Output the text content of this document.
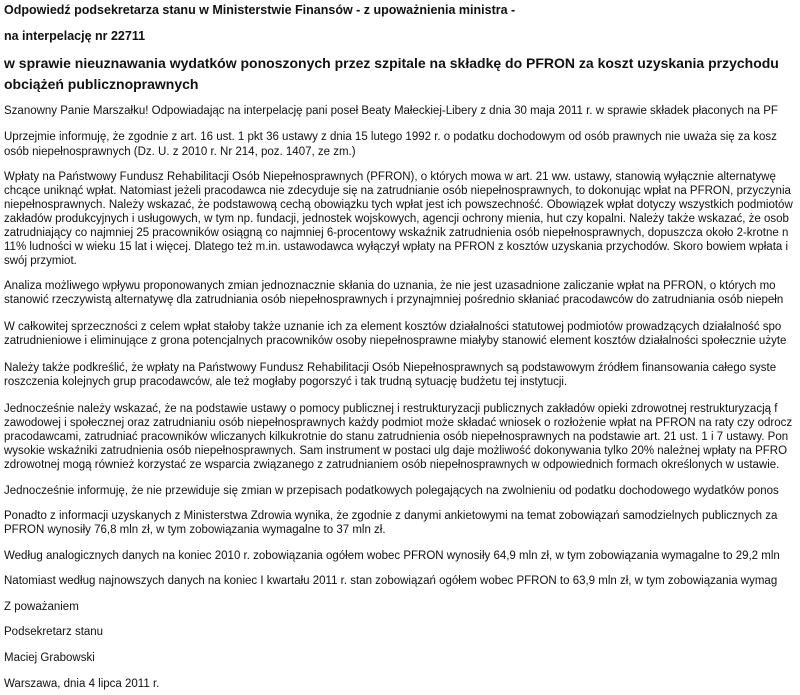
Odpowiedź podsekretarza stanu w Ministerstwie Finansów - z upoważnienia ministra -
na interpelację nr 22711
w sprawie nieuznawania wydatków ponoszonych przez szpitale na składkę do PFRON za koszt uzyskania przychodu
obciążeń publicznoprawnych
Szanowny Panie Marszałku! Odpowiadając na interpelację pani poseł Beaty Małeckiej-Libery z dnia 30 maja 2011 r. w sprawie składek płaconych na PF
Uprzejmie informuję, że zgodnie z art. 16 ust. 1 pkt 36 ustawy z dnia 15 lutego 1992 r. o podatku dochodowym od osób prawnych nie uważa się za kosz
osób niepełnosprawnych (Dz. U. z 2010 r. Nr 214, poz. 1407, ze zm.)
Wpłaty na Państwowy Fundusz Rehabilitacji Osób Niepełnosprawnych (PFRON), o których mowa w art. 21 ww. ustawy, stanowią wyłącznie alternatywę
chcące uniknąć wpłat. Natomiast jeżeli pracodawca nie zdecyduje się na zatrudnianie osób niepełnosprawnych, to dokonując wpłat na PFRON, przyczynia
niepełnosprawnych. Należy wskazać, że podstawową cechą obowiązku tych wpłat jest ich powszechność. Obowiązek wpłat dotyczy wszystkich podmiotów
zakładów produkcyjnych i usługowych, w tym np. fundacji, jednostek wojskowych, agencji ochrony mienia, hut czy kopalni. Należy także wskazać, że osob
zatrudniający co najmniej 25 pracowników osiągną co najmniej 6-procentowy wskaźnik zatrudnienia osób niepełnosprawnych, dopuszcza około 2-krotne n
11% ludności w wieku 15 lat i więcej. Dlatego też m.in. ustawodawca wyłączył wpłaty na PFRON z kosztów uzyskania przychodów. Skoro bowiem wpłata i
swój przymiot.
Analiza możliwego wpływu proponowanych zmian jednoznacznie skłania do uznania, że nie jest uzasadnione zaliczanie wpłat na PFRON, o których mo
stanowić rzeczywistą alternatywę dla zatrudniania osób niepełnosprawnych i przynajmniej pośrednio skłaniać pracodawców do zatrudniania osób niepełn
W całkowitej sprzeczności z celem wpłat stałoby także uznanie ich za element kosztów działalności statutowej podmiotów prowadzących działalność spo
zatrudnieniowe i eliminujące z grona potencjalnych pracowników osoby niepełnosprawne miałyby stanowić element kosztów działalności społecznie użyte
Należy także podkreślić, że wpłaty na Państwowy Fundusz Rehabilitacji Osób Niepełnosprawnych są podstawowym źródłem finansowania całego syste
roszczenia kolejnych grup pracodawców, ale też mogłaby pogorszyć i tak trudną sytuację budżetu tej instytucji.
Jednocześnie należy wskazać, że na podstawie ustawy o pomocy publicznej i restrukturyzacji publicznych zakładów opieki zdrowotnej restrukturyzacją f
zawodowej i społecznej oraz zatrudnianiu osób niepełnosprawnych każdy podmiot może składać wniosek o rozłożenie wpłat na PFRON na raty czy odrocz
pracodawcami, zatrudniać pracowników wliczanych kilkukrotnie do stanu zatrudnienia osób niepełnosprawnych na podstawie art. 21 ust. 1 i 7 ustawy. Pon
wysokie wskaźniki zatrudnienia osób niepełnosprawnych. Sam instrument w postaci ulg daje możliwość dokonywania tylko 20% należnej wpłaty na PFRO
zdrowotnej mogą również korzystać ze wsparcia związanego z zatrudnianiem osób niepełnosprawnych w odpowiednich formach określonych w ustawie.
Jednocześnie informuję, że nie przewiduje się zmian w przepisach podatkowych polegających na zwolnieniu od podatku dochodowego wydatków ponos
Ponadto z informacji uzyskanych z Ministerstwa Zdrowia wynika, że zgodnie z danymi ankietowymi na temat zobowiązań samodzielnych publicznych za
PFRON wynosiły 76,8 mln zł, w tym zobowiązania wymagalne to 37 mln zł.
Według analogicznych danych na koniec 2010 r. zobowiązania ogółem wobec PFRON wynosiły 64,9 mln zł, w tym zobowiązania wymagalne to 29,2 mln
Natomiast według najnowszych danych na koniec I kwartału 2011 r. stan zobowiązań ogółem wobec PFRON to 63,9 mln zł, w tym zobowiązania wymag
Z poważaniem
Podsekretarz stanu
Maciej Grabowski
Warszawa, dnia 4 lipca 2011 r.
